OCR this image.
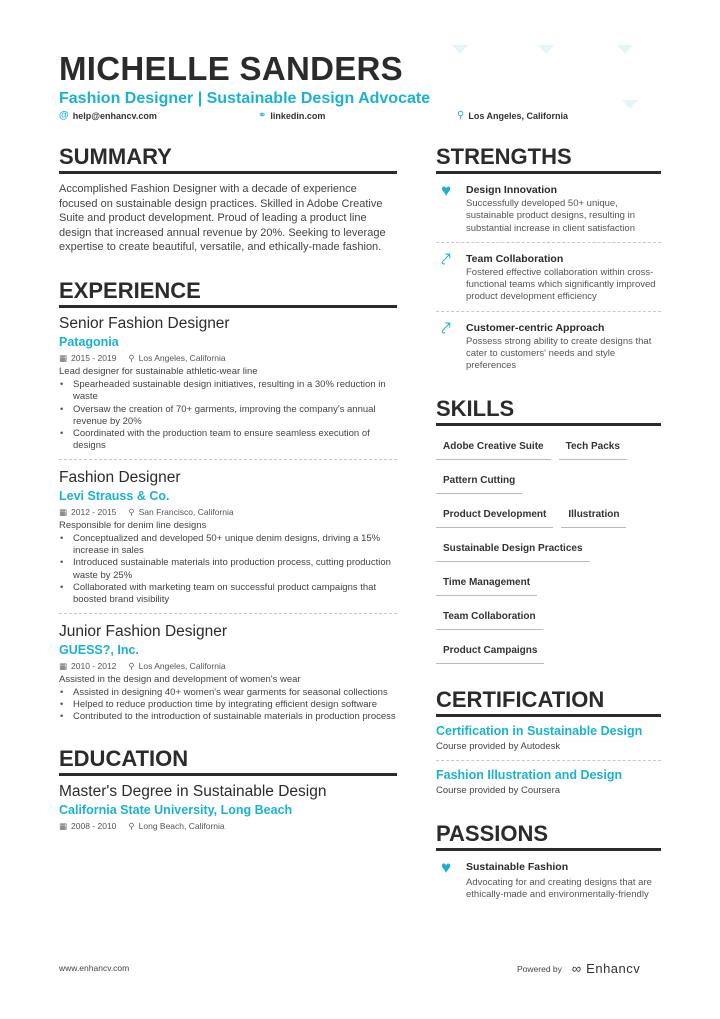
MICHELLE SANDERS
Fashion Designer | Sustainable Design Advocate
@ help@enhancv.com	⚭ linkedin.com	⚲ Los Angeles, California
SUMMARY
Accomplished Fashion Designer with a decade of experience focused on sustainable design practices. Skilled in Adobe Creative Suite and product development. Proud of leading a product line design that increased annual revenue by 20%. Seeking to leverage expertise to create beautiful, versatile, and ethically-made fashion.
EXPERIENCE
Senior Fashion Designer
Patagonia
▦ 2015 - 2019 ⚲ Los Angeles, California
Lead designer for sustainable athletic-wear line
• Spearheaded sustainable design initiatives, resulting in a 30% reduction in waste
• Oversaw the creation of 70+ garments, improving the company's annual revenue by 20%
• Coordinated with the production team to ensure seamless execution of designs
Fashion Designer
Levi Strauss & Co.
▦ 2012 - 2015 ⚲ San Francisco, California
Responsible for denim line designs
• Conceptualized and developed 50+ unique denim designs, driving a 15% increase in sales
• Introduced sustainable materials into production process, cutting production waste by 25%
• Collaborated with marketing team on successful product campaigns that boosted brand visibility
Junior Fashion Designer
GUESS?, Inc.
▦ 2010 - 2012 ⚲ Los Angeles, California
Assisted in the design and development of women's wear
• Assisted in designing 40+ women's wear garments for seasonal collections
• Helped to reduce production time by integrating efficient design software
• Contributed to the introduction of sustainable materials in production process
EDUCATION
Master's Degree in Sustainable Design
California State University, Long Beach
▦ 2008 - 2010 ⚲ Long Beach, California
STRENGTHS
♥	Design Innovation
Successfully developed 50+ unique, sustainable product designs, resulting in substantial increase in client satisfaction
⤤	Team Collaboration
Fostered effective collaboration within cross-functional teams which significantly improved product development efficiency
⤤	Customer-centric Approach
Possess strong ability to create designs that cater to customers' needs and style preferences
SKILLS
Adobe Creative Suite Tech Packs
Pattern Cutting
Product Development Illustration
Sustainable Design Practices
Time Management
Team Collaboration
Product Campaigns
CERTIFICATION
Certification in Sustainable Design
Course provided by Autodesk
Fashion Illustration and Design
Course provided by Coursera
PASSIONS
♥	Sustainable Fashion
Advocating for and creating designs that are ethically-made and environmentally-friendly
www.enhancv.com	Powered by ∞ Enhancv
